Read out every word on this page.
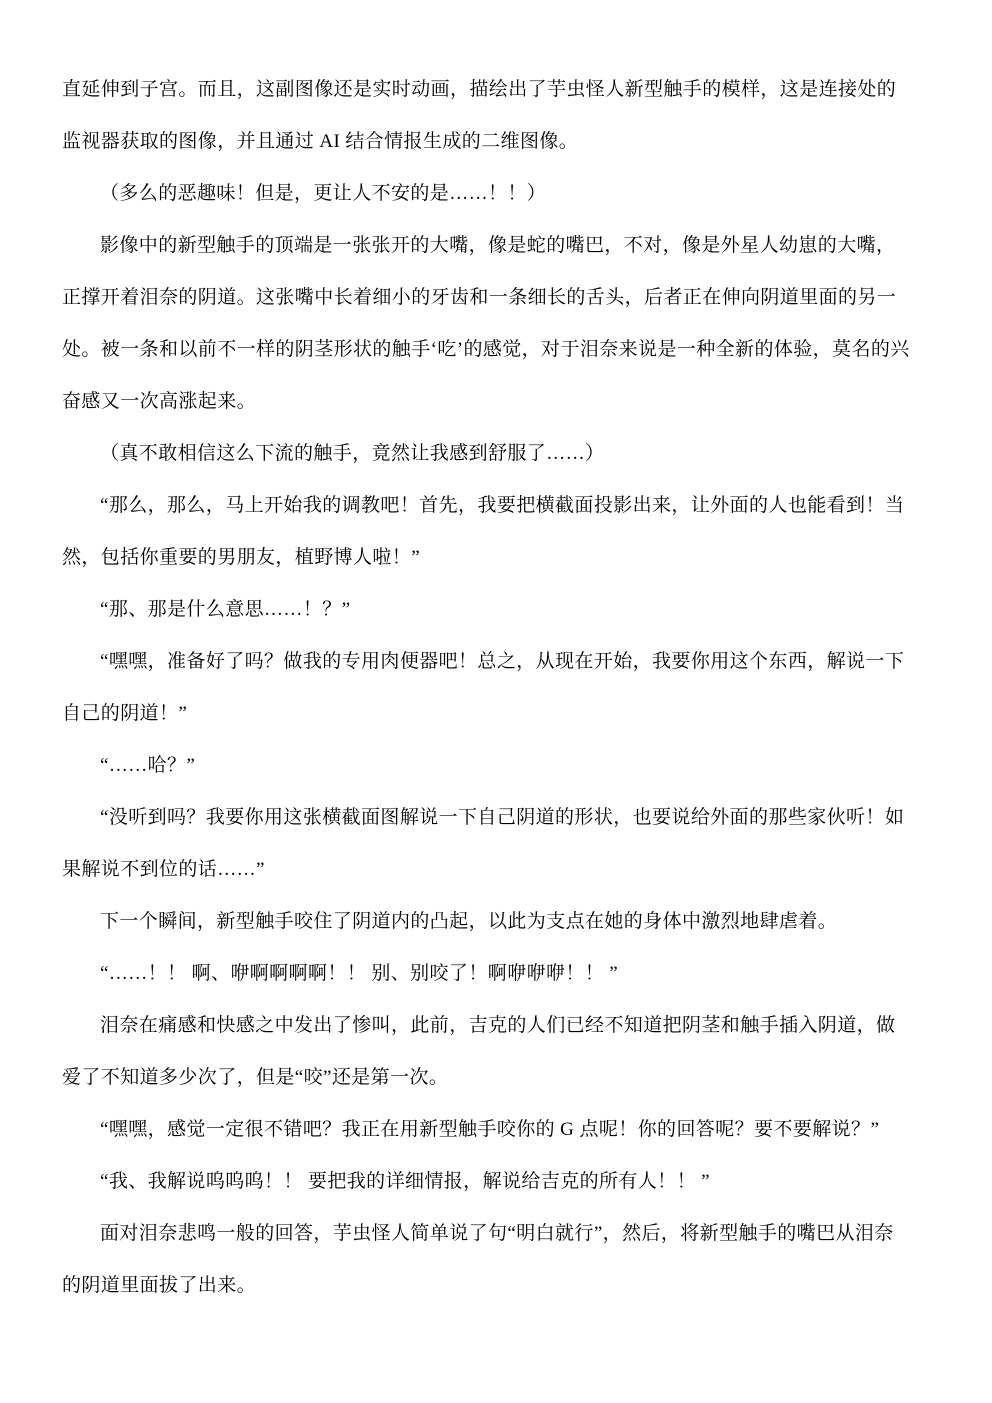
直延伸到子宫。而且，这副图像还是实时动画，描绘出了芋虫怪人新型触手的模样，这是连接处的
监视器获取的图像，并且通过 AI 结合情报生成的二维图像。
（多么的恶趣味！但是，更让人不安的是……！！）
影像中的新型触手的顶端是一张张开的大嘴，像是蛇的嘴巴，不对，像是外星人幼崽的大嘴，
正撑开着泪奈的阴道。这张嘴中长着细小的牙齿和一条细长的舌头，后者正在伸向阴道里面的另一
处。被一条和以前不一样的阴茎形状的触手‘吃’的感觉，对于泪奈来说是一种全新的体验，莫名的兴
奋感又一次高涨起来。
（真不敢相信这么下流的触手，竟然让我感到舒服了……）
“那么，那么，马上开始我的调教吧！首先，我要把横截面投影出来，让外面的人也能看到！当
然，包括你重要的男朋友，植野博人啦！”
“那、那是什么意思……！？”
“嘿嘿，准备好了吗？做我的专用肉便器吧！总之，从现在开始，我要你用这个东西，解说一下
自己的阴道！”
“……哈？”
“没听到吗？我要你用这张横截面图解说一下自己阴道的形状，也要说给外面的那些家伙听！如
果解说不到位的话……”
下一个瞬间，新型触手咬住了阴道内的凸起，以此为支点在她的身体中激烈地肆虐着。
“……！！ 啊、咿啊啊啊啊！！ 别、别咬了！啊咿咿咿！！ ”
泪奈在痛感和快感之中发出了惨叫，此前，吉克的人们已经不知道把阴茎和触手插入阴道，做
爱了不知道多少次了，但是“咬”还是第一次。
“嘿嘿，感觉一定很不错吧？我正在用新型触手咬你的 G 点呢！你的回答呢？要不要解说？”
“我、我解说呜呜呜！！ 要把我的详细情报，解说给吉克的所有人！！ ”
面对泪奈悲鸣一般的回答，芋虫怪人简单说了句“明白就行”，然后，将新型触手的嘴巴从泪奈
的阴道里面拔了出来。
